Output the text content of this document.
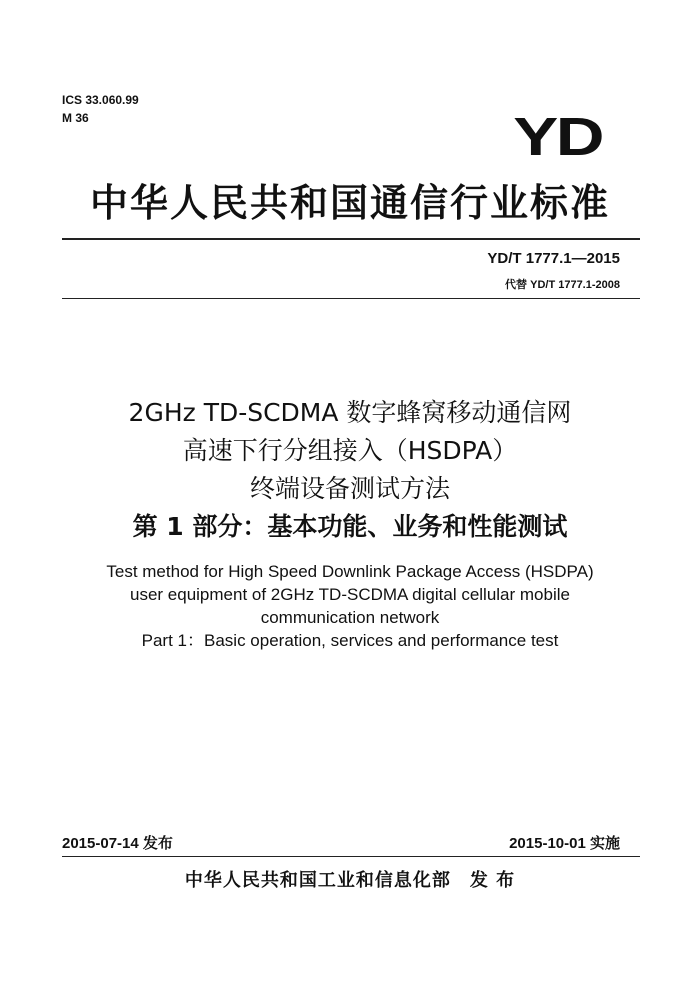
ICS 33.060.99
M 36	YD
中华人民共和国通信行业标准
YD/T 1777.1—2015
代替 YD/T 1777.1-2008
2GHz TD-SCDMA 数字蜂窝移动通信网
高速下行分组接入（HSDPA）
终端设备测试方法
第 1 部分：基本功能、业务和性能测试
Test method for High Speed Downlink Package Access (HSDPA)
user equipment of 2GHz TD-SCDMA digital cellular mobile
communication network
Part 1：Basic operation, services and performance test
2015-07-14 发布	2015-10-01 实施
中华人民共和国工业和信息化部　发 布
